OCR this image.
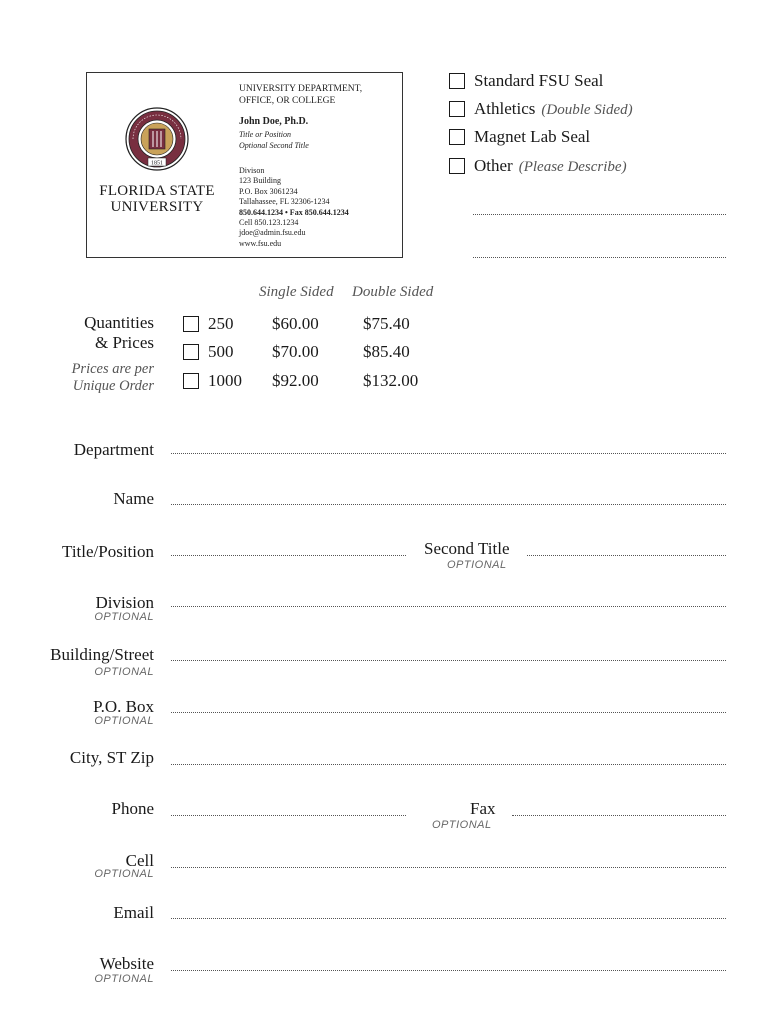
1851
FLORIDA STATE
UNIVERSITY
UNIVERSITY DEPARTMENT,
OFFICE, OR COLLEGE
John Doe, Ph.D.
Title or Position
Optional Second Title
Divison
123 Building
P.O. Box 3061234
Tallahassee, FL 32306-1234
850.644.1234 • Fax 850.644.1234
Cell 850.123.1234
jdoe@admin.fsu.edu
www.fsu.edu
Standard FSU Seal
Athletics (Double Sided)
Magnet Lab Seal
Other (Please Describe)
Single Sided Double Sided
Quantities
& Prices
Prices are per
Unique Order
250 $60.00	$75.40
500 $70.00	$85.40
1000 $92.00	$132.00
Department
Name
Title/Position	Second Title
OPTIONAL
Division
OPTIONAL
Building/Street
OPTIONAL
P.O. Box
OPTIONAL
City, ST Zip
Phone	Fax
OPTIONAL
Cell
OPTIONAL
Email
Website
OPTIONAL
